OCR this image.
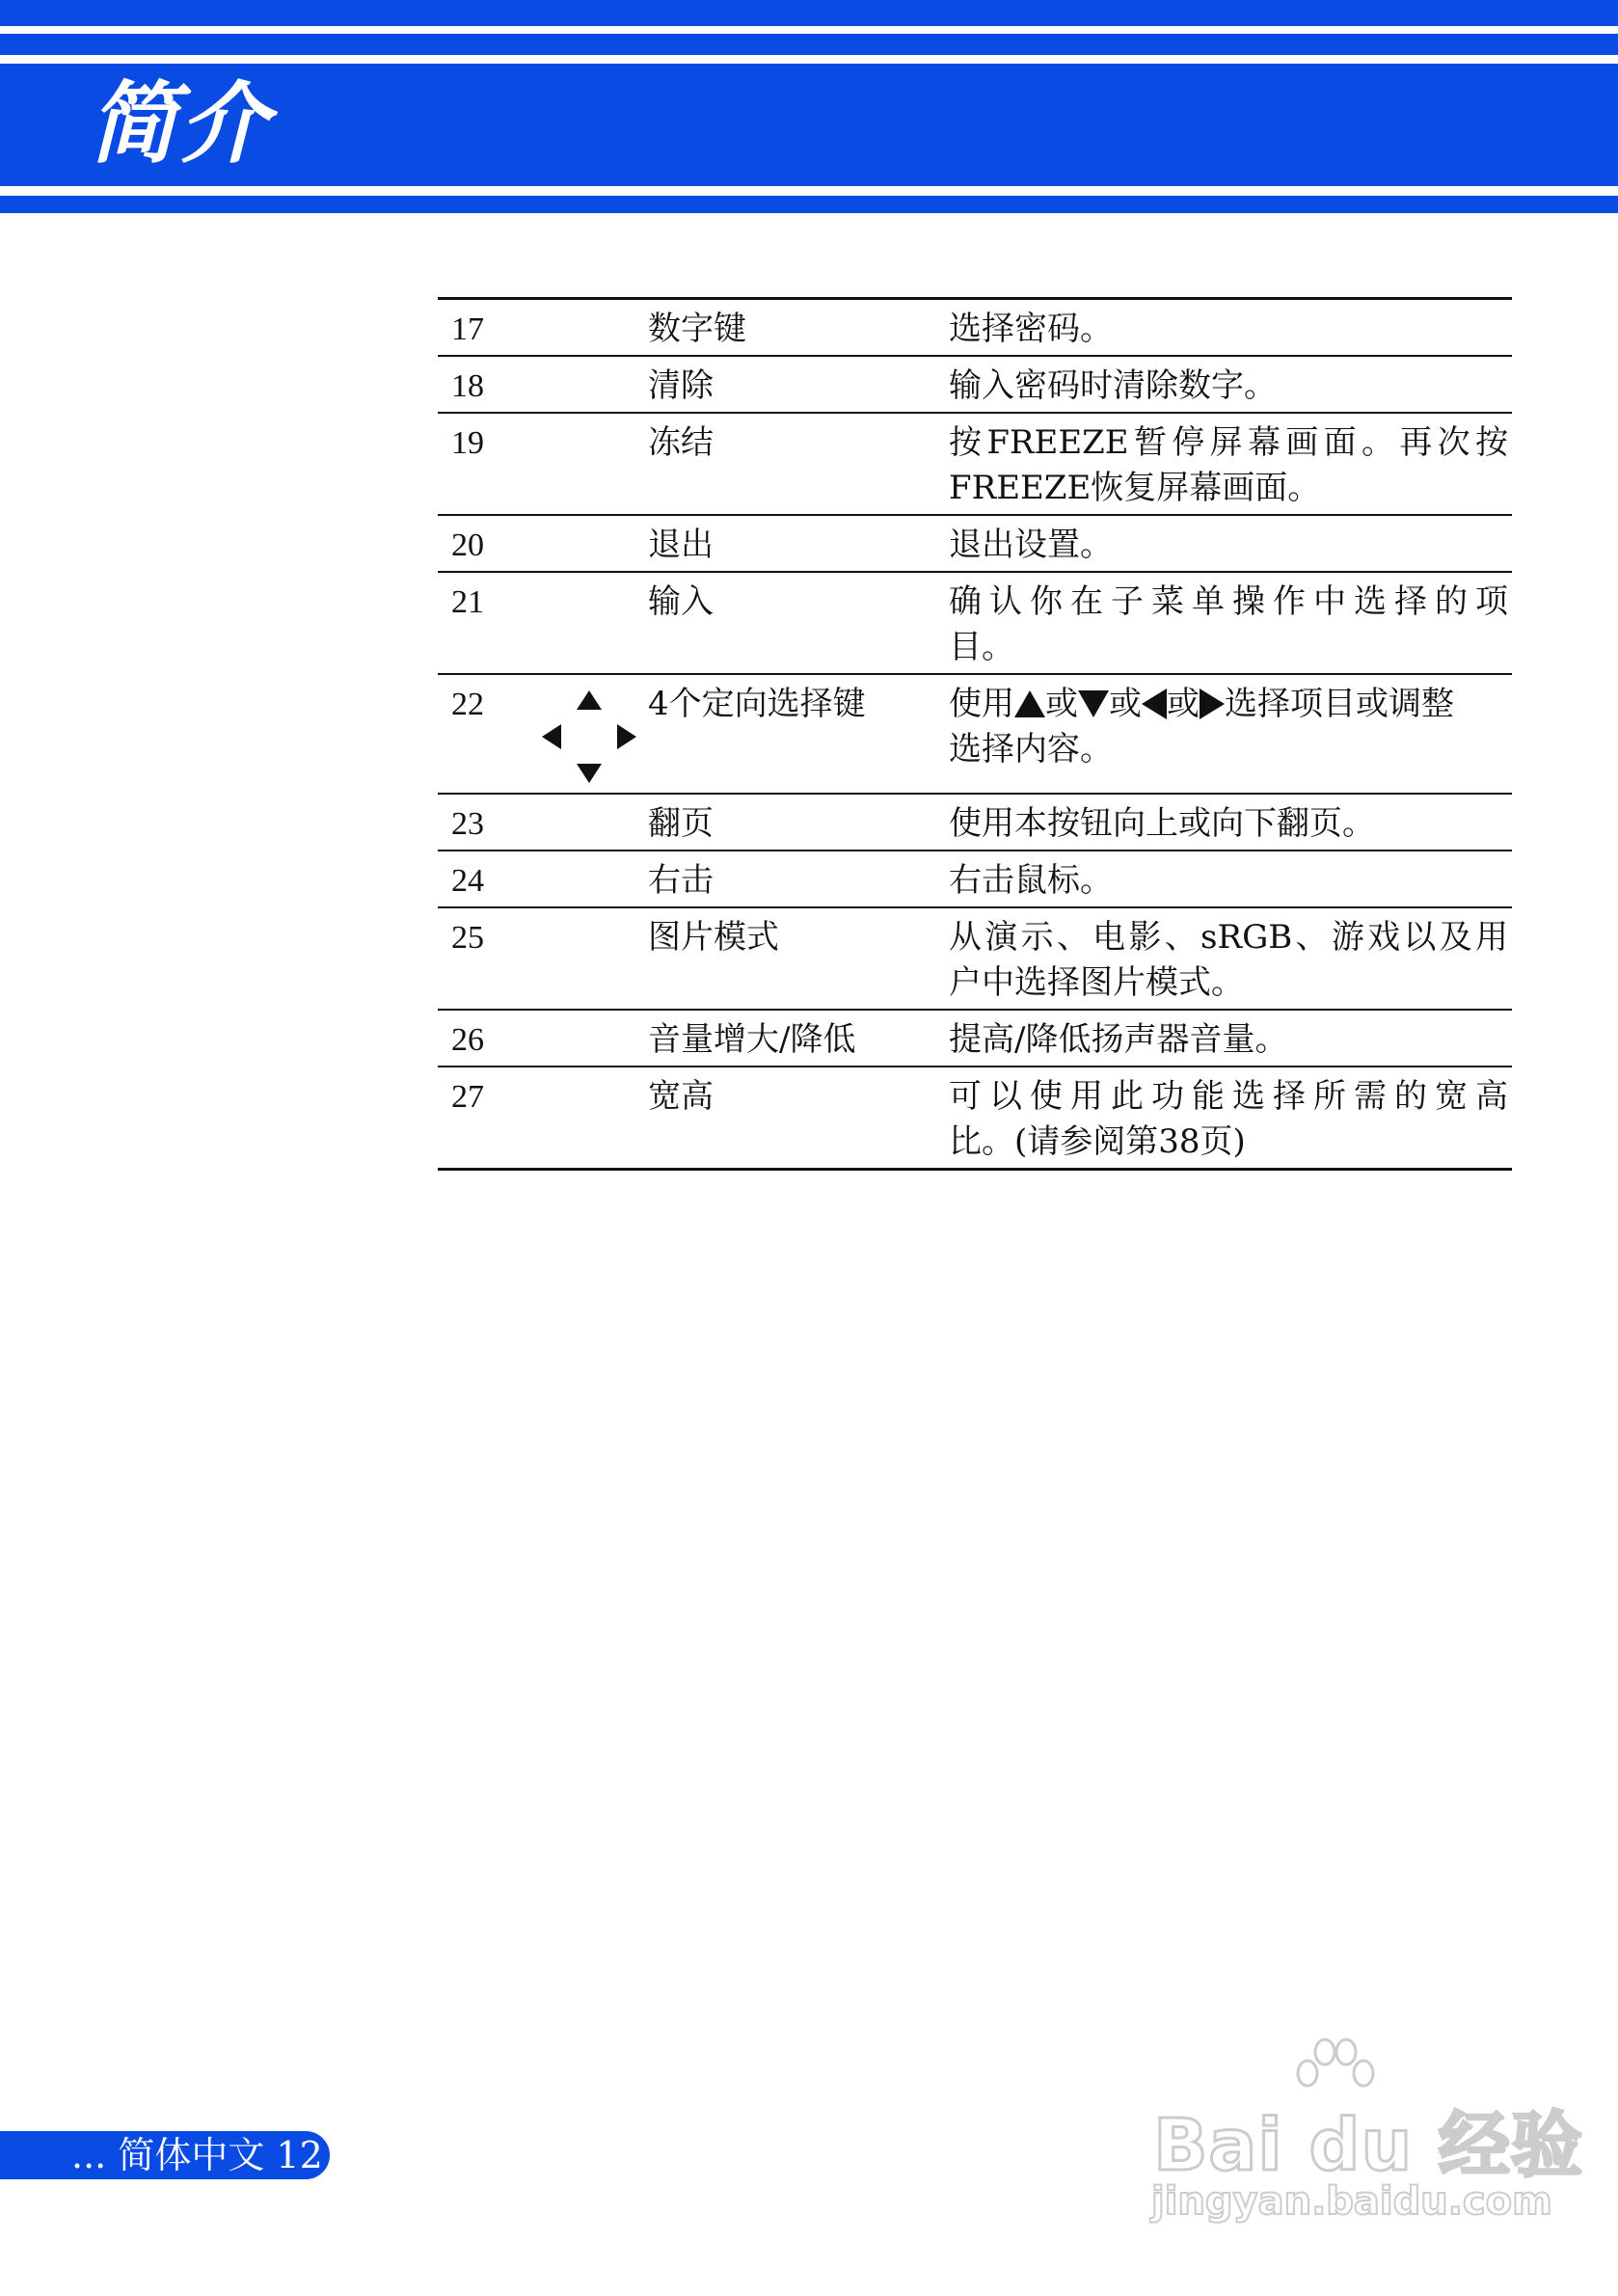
简介
17	数字键	选择密码。
18	清除	输入密码时清除数字。
19	冻结	按FREEZE暂停屏幕画面。再次按
FREEZE恢复屏幕画面。
20	退出	退出设置。
21	输入	确认你在子菜单操作中选择的项
目。
22	4个定向选择键	使用 或 或 或 选择项目或调整
选择内容。
23	翻页	使用本按钮向上或向下翻页。
24	右击	右击鼠标。
25	图片模式	从演示、电影、sRGB、游戏以及用
户中选择图片模式。
26	音量增大/降低	提高/降低扬声器音量。
27	宽高	可以使用此功能选择所需的宽高
比。(请参阅第38页)
... 简体中文 12	Bai du 经验
jingyan.baidu.com
